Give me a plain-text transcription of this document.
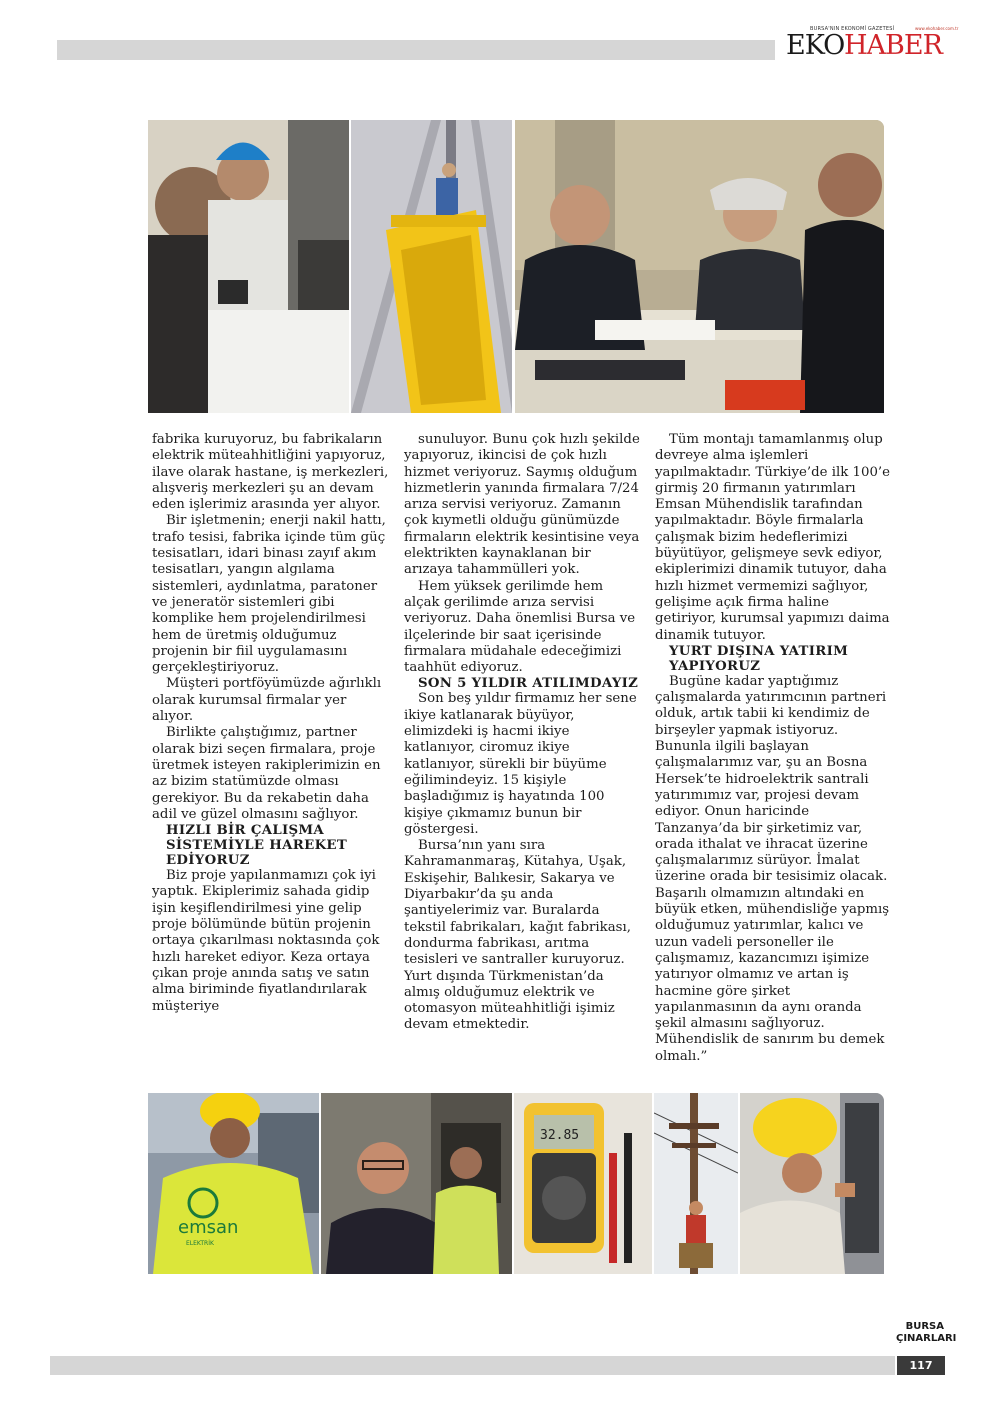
BURSA'NIN EKONOMİ GAZETESİ	www.ekohaber.com.tr
EKO HABER

fabrika kuruyoruz, bu fabrikaların elektrik müteahhitliğini yapıyoruz, ilave olarak hastane, iş merkezleri, alışveriş merkezleri şu an devam eden işlerimiz arasında yer alıyor.

Bir işletmenin; enerji nakil hattı, trafo tesisi, fabrika içinde tüm güç tesisatları, idari binası zayıf akım tesisatları, yangın algılama sistemleri, aydınlatma, paratoner ve jeneratör sistemleri gibi komplike hem projelendirilmesi hem de üretmiş olduğumuz projenin bir fiil uygulamasını gerçekleştiriyoruz.

Müşteri portföyümüzde ağırlıklı olarak kurumsal firmalar yer alıyor.

Birlikte çalıştığımız, partner olarak bizi seçen firmalara, proje üretmek isteyen rakiplerimizin en az bizim statümüzde olması gerekiyor. Bu da rekabetin daha adil ve güzel olmasını sağlıyor.

HIZLI BİR ÇALIŞMA SİSTEMİYLE HAREKET EDİYORUZ

Biz proje yapılanmamızı çok iyi yaptık. Ekiplerimiz sahada gidip işin keşiflendirilmesi yine gelip proje bölümünde bütün projenin ortaya çıkarılması noktasında çok hızlı hareket ediyor. Keza ortaya çıkan proje anında satış ve satın alma biriminde fiyatlandırılarak müşteriye

sunuluyor. Bunu çok hızlı şekilde yapıyoruz, ikincisi de çok hızlı hizmet veriyoruz. Saymış olduğum hizmetlerin yanında firmalara 7/24 arıza servisi veriyoruz. Zamanın çok kıymetli olduğu günümüzde firmaların elektrik kesintisine veya elektrikten kaynaklanan bir arızaya tahammülleri yok.

Hem yüksek gerilimde hem alçak gerilimde arıza servisi veriyoruz. Daha önemlisi Bursa ve ilçelerinde bir saat içerisinde firmalara müdahale edeceğimizi taahhüt ediyoruz.

SON 5 YILDIR ATILIMDAYIZ

Son beş yıldır firmamız her sene ikiye katlanarak büyüyor, elimizdeki iş hacmi ikiye katlanıyor, ciromuz ikiye katlanıyor, sürekli bir büyüme eğilimindeyiz. 15 kişiyle başladığımız iş hayatında 100 kişiye çıkmamız bunun bir göstergesi.

Bursa’nın yanı sıra Kahramanmaraş, Kütahya, Uşak, Eskişehir, Balıkesir, Sakarya ve Diyarbakır’da şu anda şantiyelerimiz var. Buralarda tekstil fabrikaları, kağıt fabrikası, dondurma fabrikası, arıtma tesisleri ve santraller kuruyoruz. Yurt dışında Türkmenistan’da almış olduğumuz elektrik ve otomasyon müteahhitliği işimiz devam etmektedir.

Tüm montajı tamamlanmış olup devreye alma işlemleri yapılmaktadır. Türkiye’de ilk 100’e girmiş 20 firmanın yatırımları Emsan Mühendislik tarafından yapılmaktadır. Böyle firmalarla çalışmak bizim hedeflerimizi büyütüyor, gelişmeye sevk ediyor, ekiplerimizi dinamik tutuyor, daha hızlı hizmet vermemizi sağlıyor, gelişime açık firma haline getiriyor, kurumsal yapımızı daima dinamik tutuyor.

YURT DIŞINA YATIRIM YAPIYORUZ

Bugüne kadar yaptığımız çalışmalarda yatırımcının partneri olduk, artık tabii ki kendimiz de birşeyler yapmak istiyoruz. Bununla ilgili başlayan çalışmalarımız var, şu an Bosna Hersek’te hidroelektrik santrali yatırımımız var, projesi devam ediyor. Onun haricinde Tanzanya’da bir şirketimiz var, orada ithalat ve ihracat üzerine çalışmalarımız sürüyor. İmalat üzerine orada bir tesisimiz olacak. Başarılı olmamızın altındaki en büyük etken, mühendisliğe yapmış olduğumuz yatırımlar, kalıcı ve uzun vadeli personeller ile çalışmamız, kazancımızı işimize yatırıyor olmamız ve artan iş hacmine göre şirket yapılanmasının da aynı oranda şekil almasını sağlıyoruz. Mühendislik de sanırım bu demek olmalı.”

emsan
ELEKTRİK
32.85
BURSA
ÇINARLARI
117
